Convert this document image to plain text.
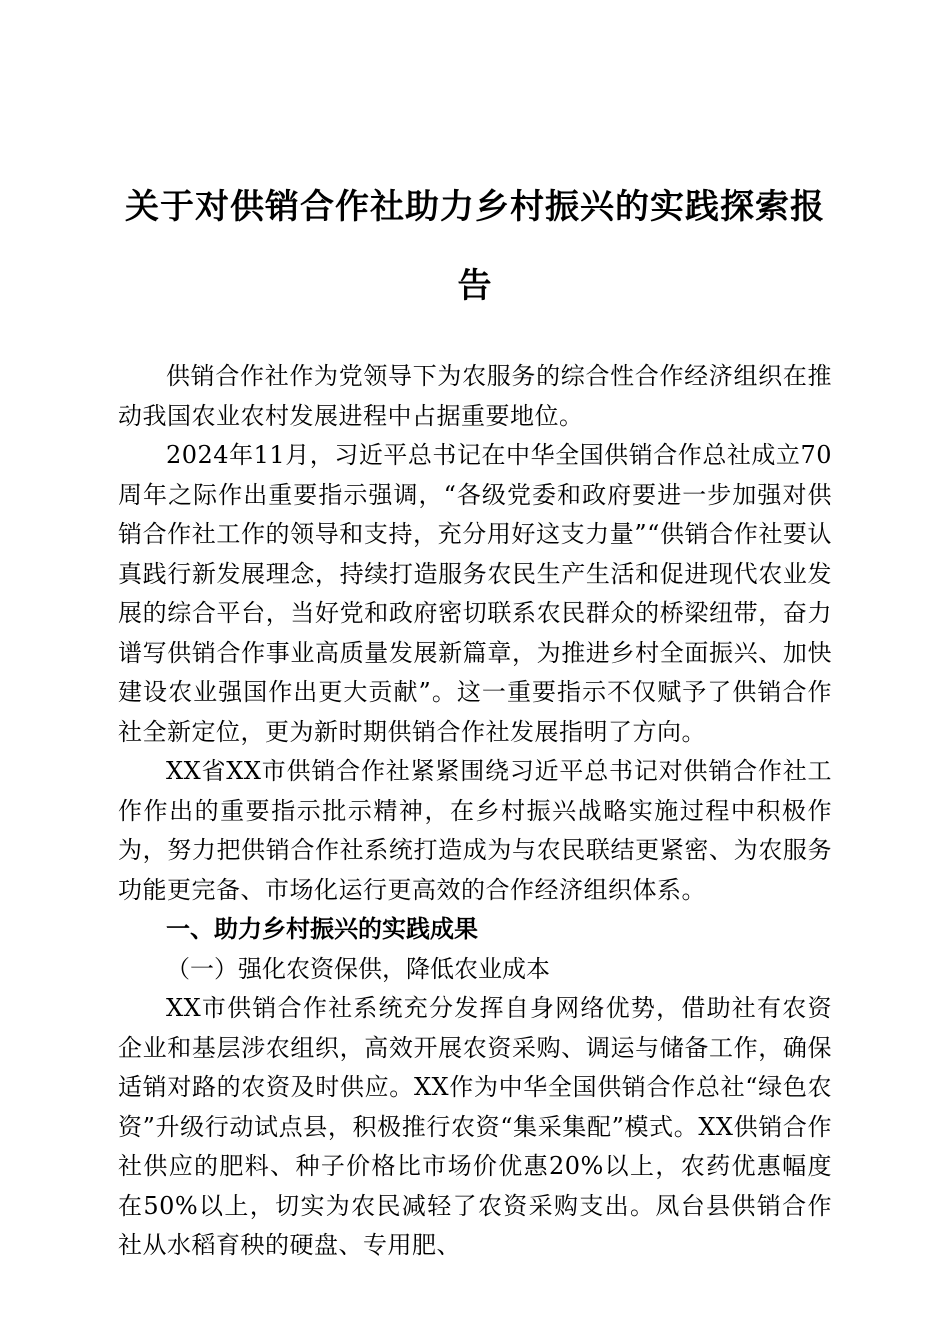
关于对供销合作社助力乡村振兴的实践探索报告

供销合作社作为党领导下为农服务的综合性合作经济组织在推动我国农业农村发展进程中占据重要地位。

2024年11月，习近平总书记在中华全国供销合作总社成立70周年之际作出重要指示强调，“各级党委和政府要进一步加强对供销合作社工作的领导和支持，充分用好这支力量”“供销合作社要认真践行新发展理念，持续打造服务农民生产生活和促进现代农业发展的综合平台，当好党和政府密切联系农民群众的桥梁纽带，奋力谱写供销合作事业高质量发展新篇章，为推进乡村全面振兴、加快建设农业强国作出更大贡献”。这一重要指示不仅赋予了供销合作社全新定位，更为新时期供销合作社发展指明了方向。

XX省XX市供销合作社紧紧围绕习近平总书记对供销合作社工作作出的重要指示批示精神，在乡村振兴战略实施过程中积极作为，努力把供销合作社系统打造成为与农民联结更紧密、为农服务功能更完备、市场化运行更高效的合作经济组织体系。

一、助力乡村振兴的实践成果

（一）强化农资保供，降低农业成本

XX市供销合作社系统充分发挥自身网络优势，借助社有农资企业和基层涉农组织，高效开展农资采购、调运与储备工作，确保适销对路的农资及时供应。XX作为中华全国供销合作总社“绿色农资”升级行动试点县，积极推行农资“集采集配”模式。XX供销合作社供应的肥料、种子价格比市场价优惠20%以上，农药优惠幅度在50%以上，切实为农民减轻了农资采购支出。凤台县供销合作社从水稻育秧的硬盘、专用肥、
